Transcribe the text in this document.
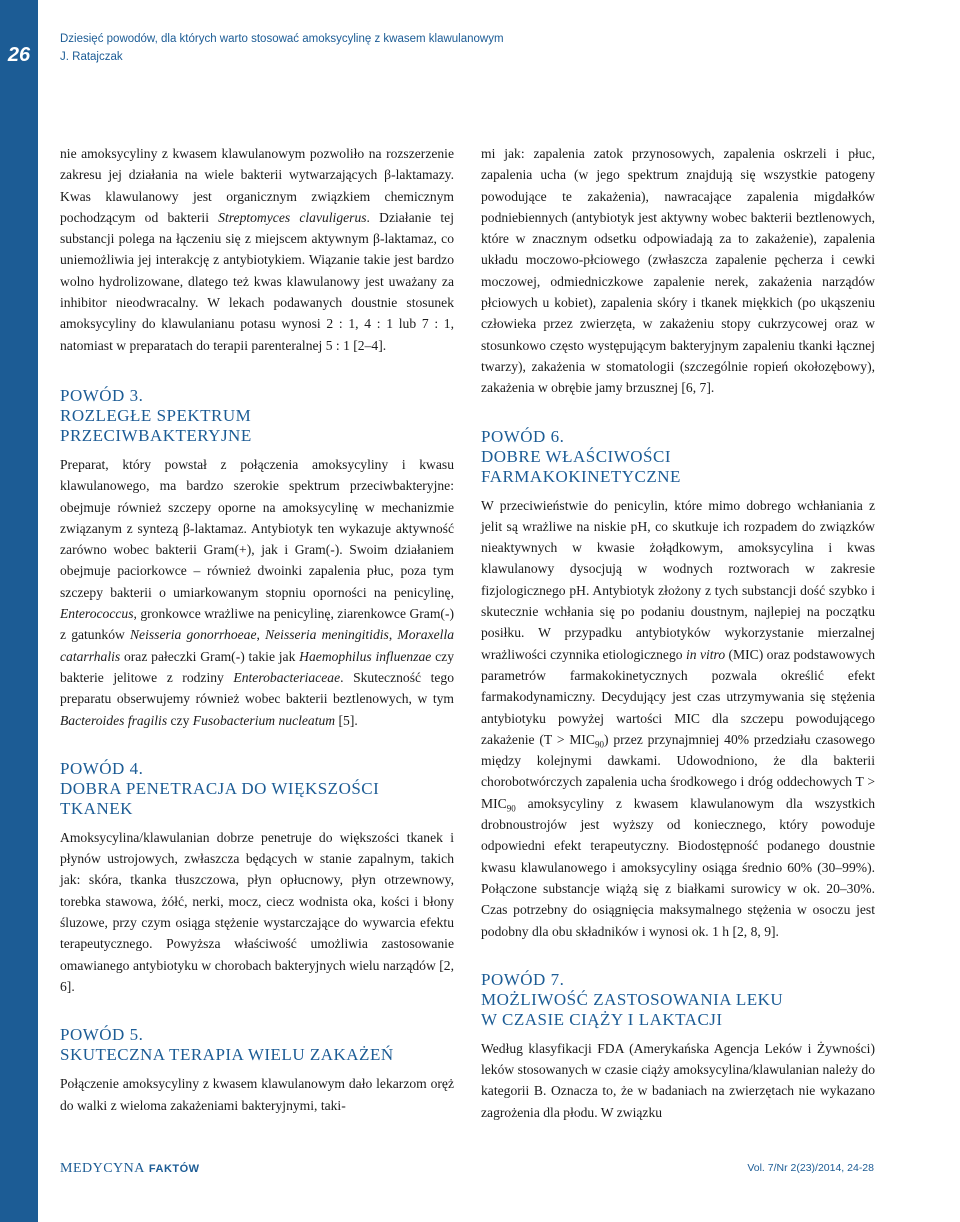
26
Dziesięć powodów, dla których warto stosować amoksycylinę z kwasem klawulanowym
J. Ratajczak

nie amoksycyliny z kwasem klawulanowym pozwoliło na rozszerzenie zakresu jej działania na wiele bakterii wytwarzających β-laktamazy. Kwas klawulanowy jest organicznym związkiem chemicznym pochodzącym od bakterii Streptomyces clavuligerus. Działanie tej substancji polega na łączeniu się z miejscem aktywnym β-laktamaz, co uniemożliwia jej interakcję z antybiotykiem. Wiązanie takie jest bardzo wolno hydrolizowane, dlatego też kwas klawulanowy jest uważany za inhibitor nieodwracalny. W lekach podawanych doustnie stosunek amoksycyliny do klawulanianu potasu wynosi 2 : 1, 4 : 1 lub 7 : 1, natomiast w preparatach do terapii parenteralnej 5 : 1 [2–4].

POWÓD 3.
ROZLEGŁE SPEKTRUM
PRZECIWBAKTERYJNE

Preparat, który powstał z połączenia amoksycyliny i kwasu klawulanowego, ma bardzo szerokie spektrum przeciwbakteryjne: obejmuje również szczepy oporne na amoksycylinę w mechanizmie związanym z syntezą β-laktamaz. Antybiotyk ten wykazuje aktywność zarówno wobec bakterii Gram(+), jak i Gram(-). Swoim działaniem obejmuje paciorkowce – również dwoinki zapalenia płuc, poza tym szczepy bakterii o umiarkowanym stopniu oporności na penicylinę, Enterococcus, gronkowce wrażliwe na penicylinę, ziarenkowce Gram(-) z gatunków Neisseria gonorrhoeae, Neisseria meningitidis, Moraxella catarrhalis oraz pałeczki Gram(-) takie jak Haemophilus influenzae czy bakterie jelitowe z rodziny Enterobacteriaceae. Skuteczność tego preparatu obserwujemy również wobec bakterii beztlenowych, w tym Bacteroides fragilis czy Fusobacterium nucleatum [5].

POWÓD 4.
DOBRA PENETRACJA DO WIĘKSZOŚCI
TKANEK

Amoksycylina/klawulanian dobrze penetruje do większości tkanek i płynów ustrojowych, zwłaszcza będących w stanie zapalnym, takich jak: skóra, tkanka tłuszczowa, płyn opłucnowy, płyn otrzewnowy, torebka stawowa, żółć, nerki, mocz, ciecz wodnista oka, kości i błony śluzowe, przy czym osiąga stężenie wystarczające do wywarcia efektu terapeutycznego. Powyższa właściwość umożliwia zastosowanie omawianego antybiotyku w chorobach bakteryjnych wielu narządów [2, 6].

POWÓD 5.
SKUTECZNA TERAPIA WIELU ZAKAŻEŃ

Połączenie amoksycyliny z kwasem klawulanowym dało lekarzom oręż do walki z wieloma zakażeniami bakteryjnymi, taki-

mi jak: zapalenia zatok przynosowych, zapalenia oskrzeli i płuc, zapalenia ucha (w jego spektrum znajdują się wszystkie patogeny powodujące te zakażenia), nawracające zapalenia migdałków podniebiennych (antybiotyk jest aktywny wobec bakterii beztlenowych, które w znacznym odsetku odpowiadają za to zakażenie), zapalenia układu moczowo-płciowego (zwłaszcza zapalenie pęcherza i cewki moczowej, odmiedniczkowe zapalenie nerek, zakażenia narządów płciowych u kobiet), zapalenia skóry i tkanek miękkich (po ukąszeniu człowieka przez zwierzęta, w zakażeniu stopy cukrzycowej oraz w stosunkowo często występującym bakteryjnym zapaleniu tkanki łącznej twarzy), zakażenia w stomatologii (szczególnie ropień okołozębowy), zakażenia w obrębie jamy brzusznej [6, 7].

POWÓD 6.
DOBRE WŁAŚCIWOŚCI
FARMAKOKINETYCZNE

W przeciwieństwie do penicylin, które mimo dobrego wchłaniania z jelit są wrażliwe na niskie pH, co skutkuje ich rozpadem do związków nieaktywnych w kwasie żołądkowym, amoksycylina i kwas klawulanowy dysocjują w wodnych roztworach w zakresie fizjologicznego pH. Antybiotyk złożony z tych substancji dość szybko i skutecznie wchłania się po podaniu doustnym, najlepiej na początku posiłku. W przypadku antybiotyków wykorzystanie mierzalnej wrażliwości czynnika etiologicznego in vitro (MIC) oraz podstawowych parametrów farmakokinetycznych pozwala określić efekt farmakodynamiczny. Decydujący jest czas utrzymywania się stężenia antybiotyku powyżej wartości MIC dla szczepu powodującego zakażenie $(T > MIC_{90})$ przez przynajmniej 40% przedziału czasowego między kolejnymi dawkami. Udowodniono, że dla bakterii chorobotwórczych zapalenia ucha środkowego i dróg oddechowych $T > MIC_{90}$ amoksycyliny z kwasem klawulanowym dla wszystkich drobnoustrojów jest wyższy od koniecznego, który powoduje odpowiedni efekt terapeutyczny. Biodostępność podanego doustnie kwasu klawulanowego i amoksycyliny osiąga średnio 60% (30–99%). Połączone substancje wiążą się z białkami surowicy w ok. 20–30%. Czas potrzebny do osiągnięcia maksymalnego stężenia w osoczu jest podobny dla obu składników i wynosi ok. 1 h [2, 8, 9].

POWÓD 7.
MOŻLIWOŚĆ ZASTOSOWANIA LEKU
W CZASIE CIĄŻY I LAKTACJI

Według klasyfikacji FDA (Amerykańska Agencja Leków i Żywności) leków stosowanych w czasie ciąży amoksycylina/klawulanian należy do kategorii B. Oznacza to, że w badaniach na zwierzętach nie wykazano zagrożenia dla płodu. W związku

MEDYCYNA FAKTÓW	Vol. 7/Nr 2(23)/2014, 24-28
